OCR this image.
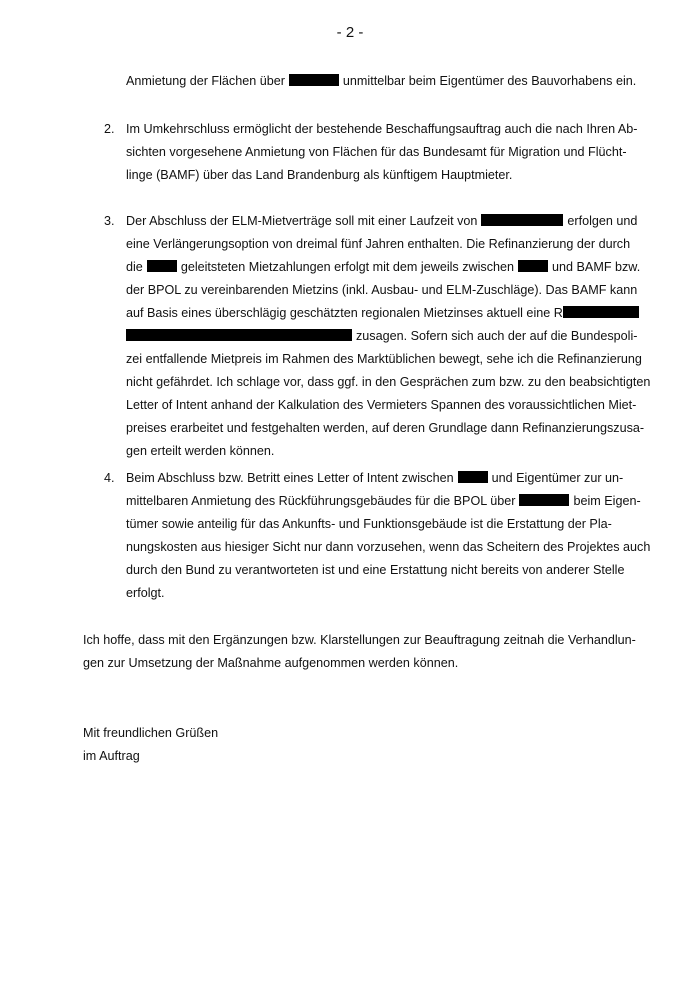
- 2 -
Anmietung der Flächen über	unmittelbar beim Eigentümer des Bauvorhabens ein.
2. Im Umkehrschluss ermöglicht der bestehende Beschaffungsauftrag auch die nach Ihren Ab-
sichten vorgesehene Anmietung von Flächen für das Bundesamt für Migration und Flücht-
linge (BAMF) über das Land Brandenburg als künftigem Hauptmieter.
3. Der Abschluss der ELM-Mietverträge soll mit einer Laufzeit von	erfolgen und
eine Verlängerungsoption von dreimal fünf Jahren enthalten. Die Refinanzierung der durch
die	geleitsteten Mietzahlungen erfolgt mit dem jeweils zwischen	und BAMF bzw.
der BPOL zu vereinbarenden Mietzins (inkl. Ausbau- und ELM-Zuschläge). Das BAMF kann
auf Basis eines überschlägig geschätzten regionalen Mietzinses aktuell eine R
zusagen. Sofern sich auch der auf die Bundespoli-
zei entfallende Mietpreis im Rahmen des Marktüblichen bewegt, sehe ich die Refinanzierung
nicht gefährdet. Ich schlage vor, dass ggf. in den Gesprächen zum bzw. zu den beabsichtigten
Letter of Intent anhand der Kalkulation des Vermieters Spannen des voraussichtlichen Miet-
preises erarbeitet und festgehalten werden, auf deren Grundlage dann Refinanzierungszusa-
gen erteilt werden können.
4. Beim Abschluss bzw. Betritt eines Letter of Intent zwischen	und Eigentümer zur un-
mittelbaren Anmietung des Rückführungsgebäudes für die BPOL über	beim Eigen-
tümer sowie anteilig für das Ankunfts- und Funktionsgebäude ist die Erstattung der Pla-
nungskosten aus hiesiger Sicht nur dann vorzusehen, wenn das Scheitern des Projektes auch
durch den Bund zu verantworteten ist und eine Erstattung nicht bereits von anderer Stelle
erfolgt.
Ich hoffe, dass mit den Ergänzungen bzw. Klarstellungen zur Beauftragung zeitnah die Verhandlun-
gen zur Umsetzung der Maßnahme aufgenommen werden können.
Mit freundlichen Grüßen
im Auftrag
